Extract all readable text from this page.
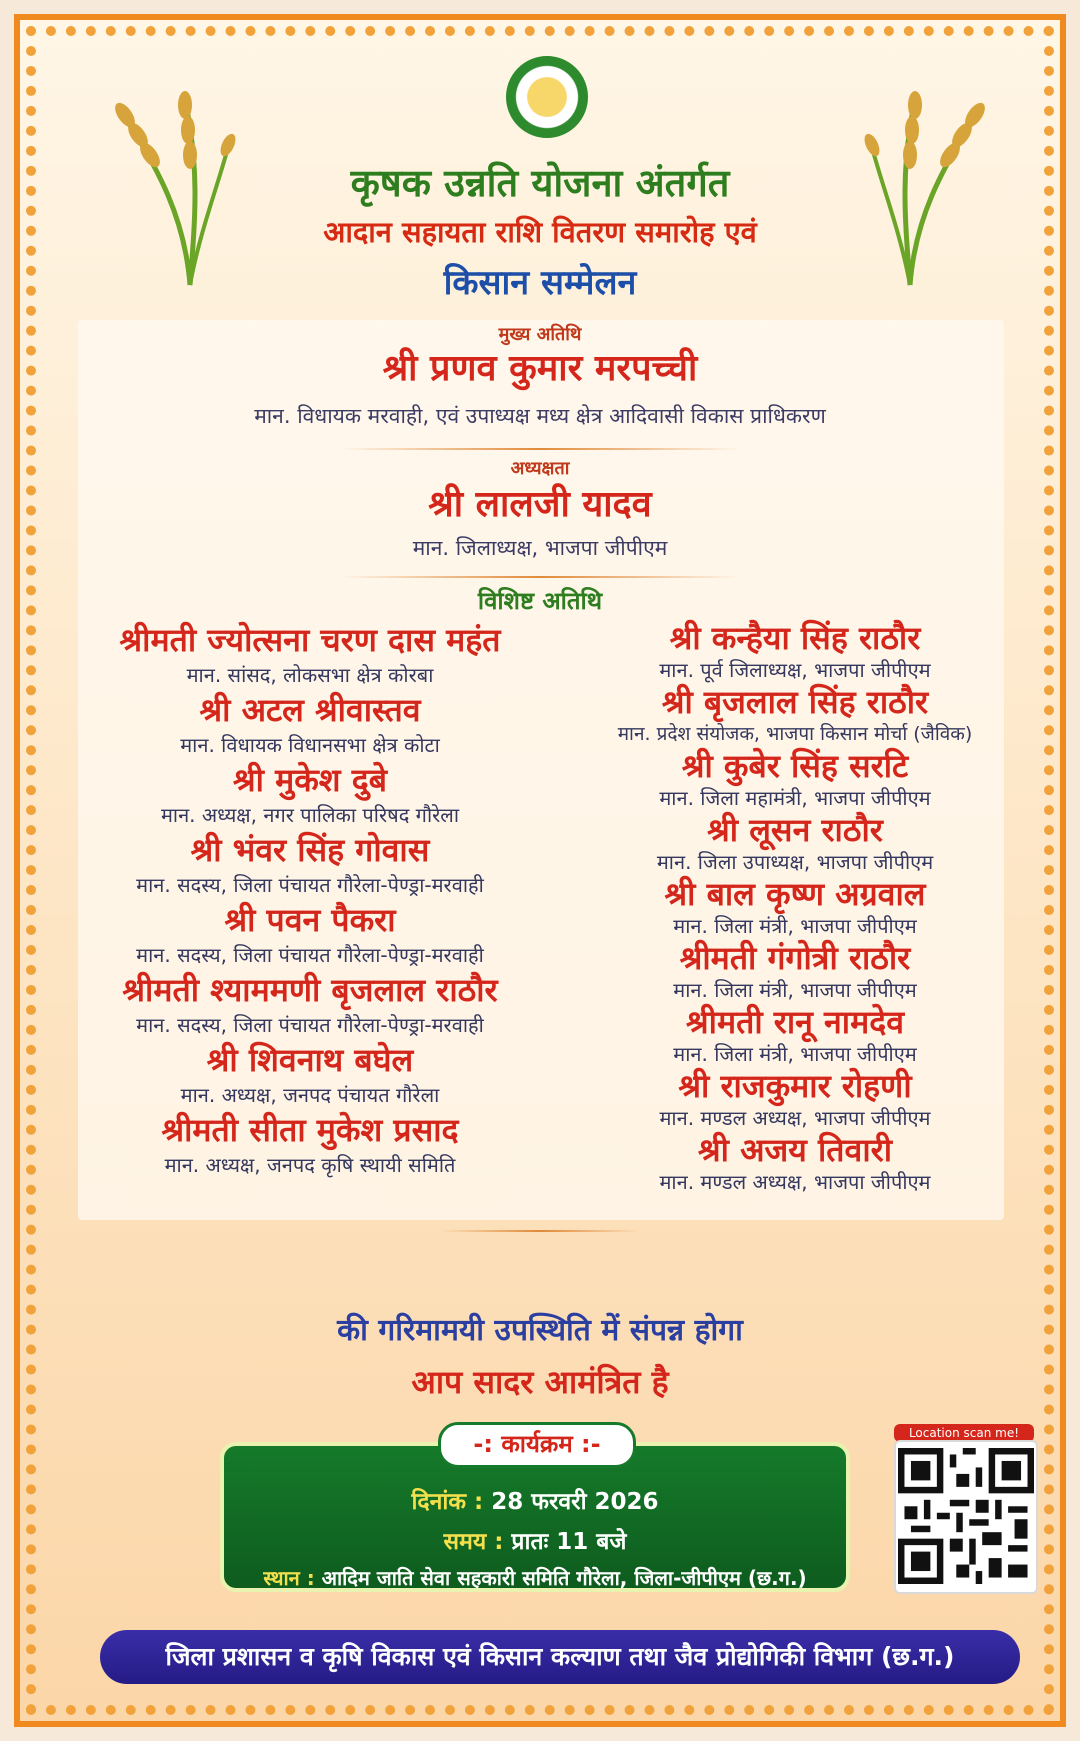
कृषक उन्नति योजना अंतर्गत
आदान सहायता राशि वितरण समारोह एवं
किसान सम्मेलन
मुख्य अतिथि
श्री प्रणव कुमार मरपच्ची
मान. विधायक मरवाही, एवं उपाध्यक्ष मध्य क्षेत्र आदिवासी विकास प्राधिकरण
अध्यक्षता
श्री लालजी यादव
मान. जिलाध्यक्ष, भाजपा जीपीएम
विशिष्ट अतिथि
श्रीमती ज्योत्सना चरण दास महंत
मान. सांसद, लोकसभा क्षेत्र कोरबा
श्री अटल श्रीवास्तव
मान. विधायक विधानसभा क्षेत्र कोटा
श्री मुकेश दुबे
मान. अध्यक्ष, नगर पालिका परिषद गौरेला
श्री भंवर सिंह गोवास
मान. सदस्य, जिला पंचायत गौरेला-पेण्ड्रा-मरवाही
श्री पवन पैकरा
मान. सदस्य, जिला पंचायत गौरेला-पेण्ड्रा-मरवाही
श्रीमती श्याममणी बृजलाल राठौर
मान. सदस्य, जिला पंचायत गौरेला-पेण्ड्रा-मरवाही
श्री शिवनाथ बघेल
मान. अध्यक्ष, जनपद पंचायत गौरेला
श्रीमती सीता मुकेश प्रसाद
मान. अध्यक्ष, जनपद कृषि स्थायी समिति
श्री कन्हैया सिंह राठौर
मान. पूर्व जिलाध्यक्ष, भाजपा जीपीएम
श्री बृजलाल सिंह राठौर
मान. प्रदेश संयोजक, भाजपा किसान मोर्चा (जैविक)
श्री कुबेर सिंह सरटि
मान. जिला महामंत्री, भाजपा जीपीएम
श्री लूसन राठौर
मान. जिला उपाध्यक्ष, भाजपा जीपीएम
श्री बाल कृष्ण अग्रवाल
मान. जिला मंत्री, भाजपा जीपीएम
श्रीमती गंगोत्री राठौर
मान. जिला मंत्री, भाजपा जीपीएम
श्रीमती रानू नामदेव
मान. जिला मंत्री, भाजपा जीपीएम
श्री राजकुमार रोहणी
मान. मण्डल अध्यक्ष, भाजपा जीपीएम
श्री अजय तिवारी
मान. मण्डल अध्यक्ष, भाजपा जीपीएम
की गरिमामयी उपस्थिति में संपन्न होगा
आप सादर आमंत्रित है
दिनांक : 28 फरवरी 2026
समय : प्रातः 11 बजे
स्थान : आदिम जाति सेवा सहकारी समिति गौरेला, जिला-जीपीएम (छ.ग.)
-: कार्यक्रम :-	Location scan me!
जिला प्रशासन व कृषि विकास एवं किसान कल्याण तथा जैव प्रोद्योगिकी विभाग (छ.ग.)
